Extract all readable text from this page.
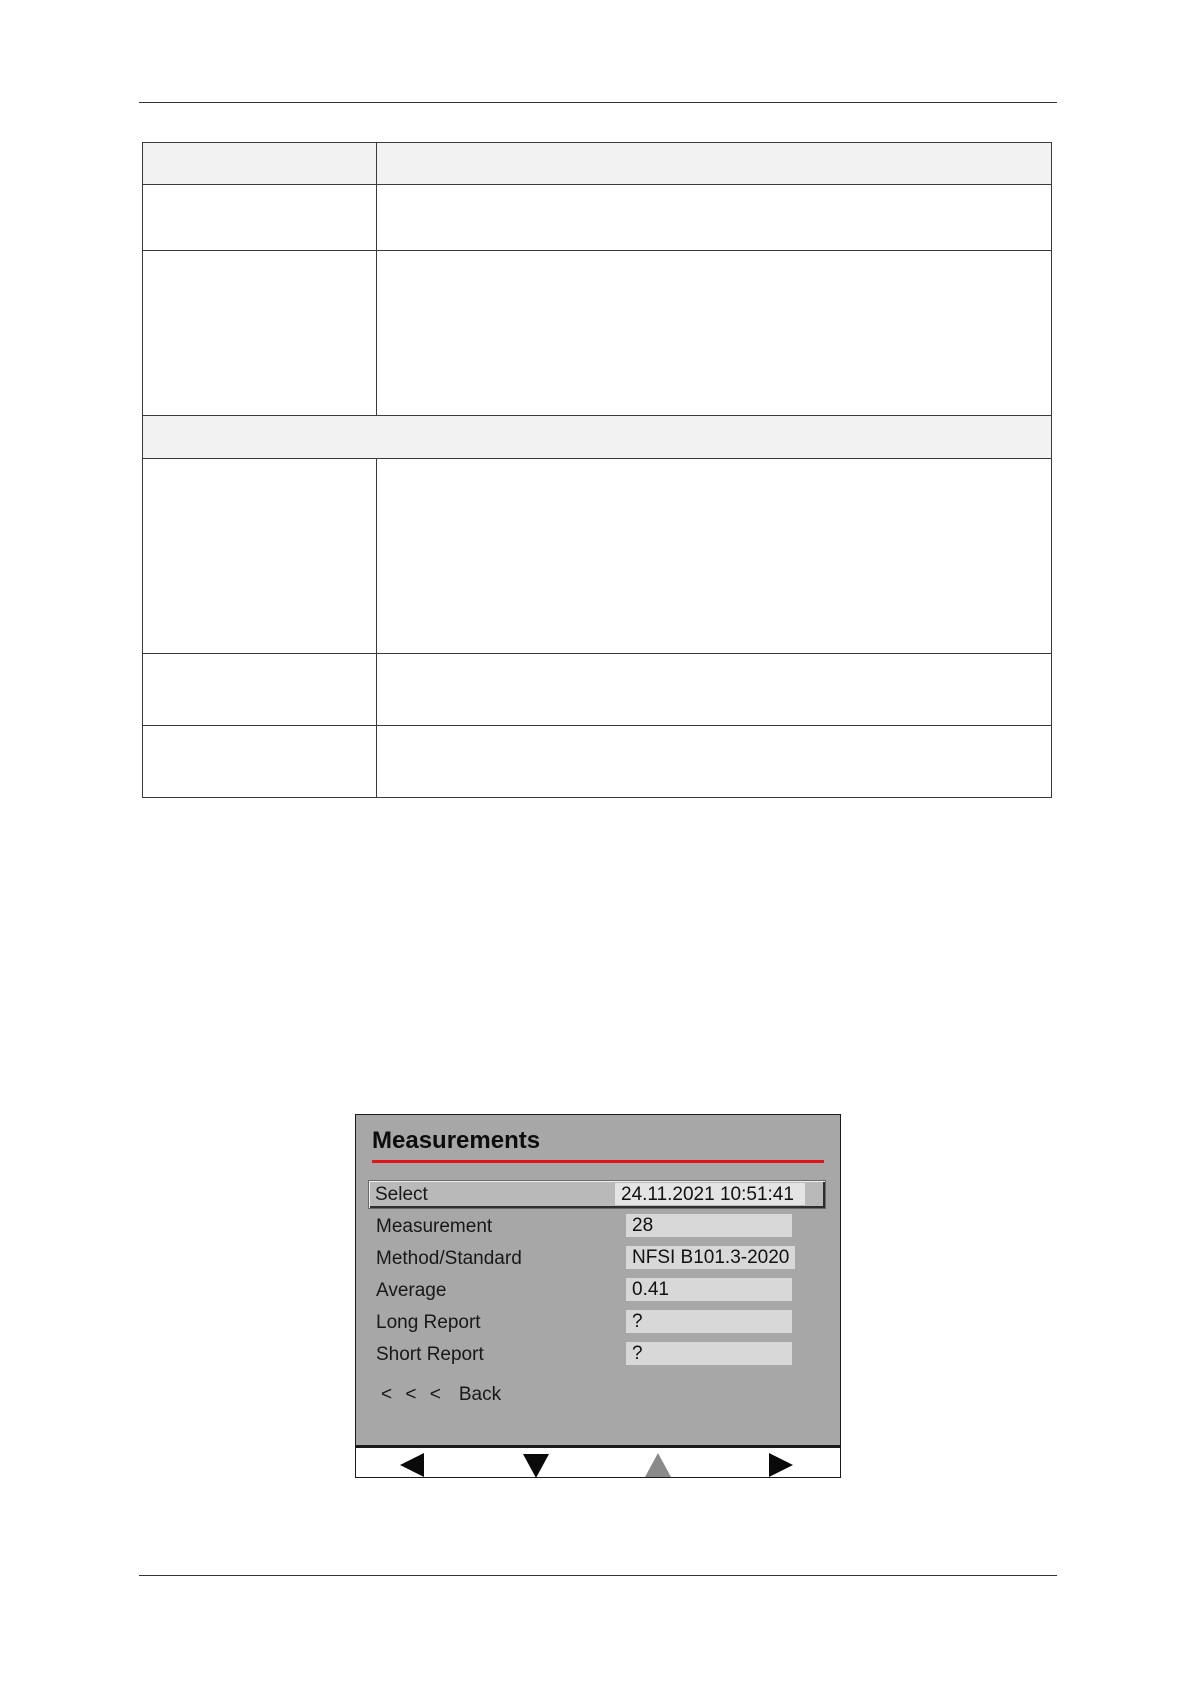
Measurements
Select	24.11.2021 10:51:41
Measurement	28
Method/Standard	NFSI B101.3-2020
Average	0.41
Long Report	?
Short Report	?
< < < Back
